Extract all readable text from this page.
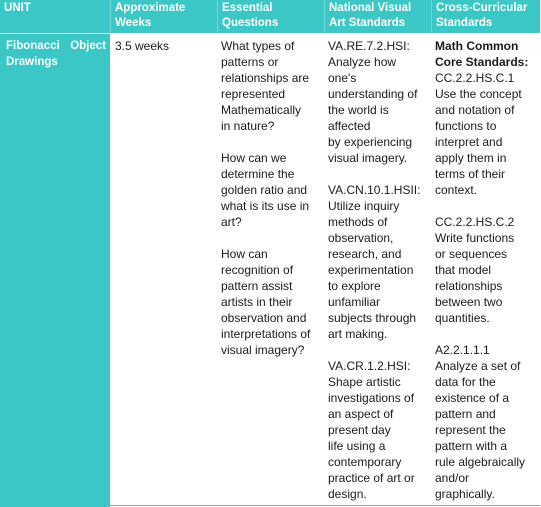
UNIT	Approximate
Weeks
Essential
Questions
National Visual
Art Standards
Cross-Curricular
Standards
Fibonacci Object
Drawings
3.5 weeks	What types of
patterns or
relationships are
represented
Mathematically
in nature?
How can we
determine the
golden ratio and
what is its use in
art?
How can
recognition of
pattern assist
artists in their
observation and
interpretations of
visual imagery?
VA.RE.7.2.HSI:
Analyze how
one's
understanding of
the world is
affected
by experiencing
visual imagery.
VA.CN.10.1.HSII:
Utilize inquiry
methods of
observation,
research, and
experimentation
to explore
unfamiliar
subjects through
art making.
VA.CR.1.2.HSI:
Shape artistic
investigations of
an aspect of
present day
life using a
contemporary
practice of art or
design.
Math Common
Core Standards:
CC.2.2.HS.C.1
Use the concept
and notation of
functions to
interpret and
apply them in
terms of their
context.
CC.2.2.HS.C.2
Write functions
or sequences
that model
relationships
between two
quantities.
A2.2.1.1.1
Analyze a set of
data for the
existence of a
pattern and
represent the
pattern with a
rule algebraically
and/or
graphically.
